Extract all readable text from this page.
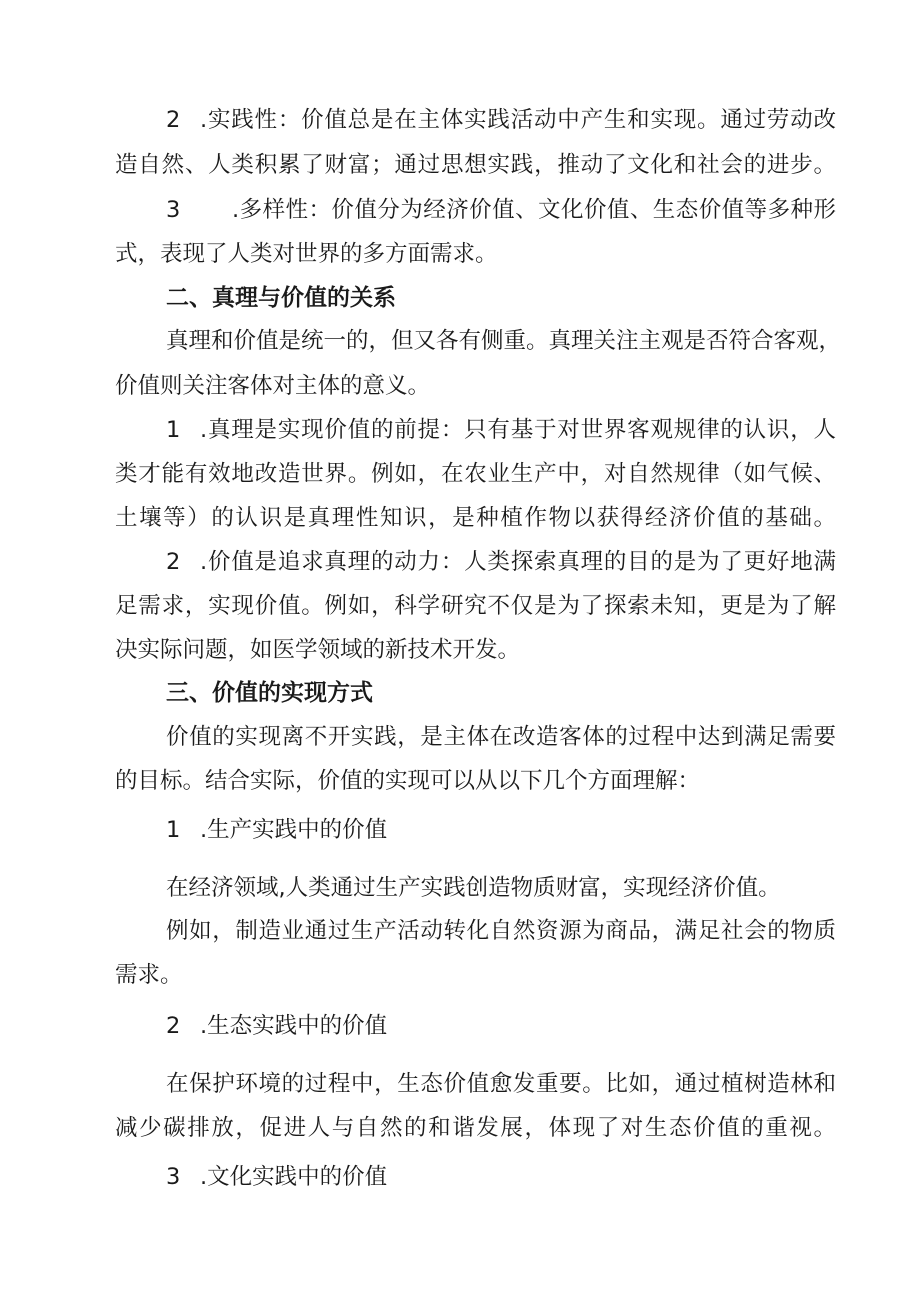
2 .实践性：价值总是在主体实践活动中产生和实现。通过劳动改

造自然、人类积累了财富；通过思想实践，推动了文化和社会的进步。

3 .多样性：价值分为经济价值、文化价值、生态价值等多种形

式，表现了人类对世界的多方面需求。

二、真理与价值的关系

真理和价值是统一的，但又各有侧重。真理关注主观是否符合客观，

价值则关注客体对主体的意义。

1 .真理是实现价值的前提：只有基于对世界客观规律的认识，人

类才能有效地改造世界。例如，在农业生产中，对自然规律（如气候、

土壤等）的认识是真理性知识，是种植作物以获得经济价值的基础。

2 .价值是追求真理的动力：人类探索真理的目的是为了更好地满

足需求，实现价值。例如，科学研究不仅是为了探索未知，更是为了解

决实际问题，如医学领域的新技术开发。

三、价值的实现方式

价值的实现离不开实践，是主体在改造客体的过程中达到满足需要

的目标。结合实际，价值的实现可以从以下几个方面理解：

1 .生产实践中的价值

在经济领域,人类通过生产实践创造物质财富，实现经济价值。

例如，制造业通过生产活动转化自然资源为商品，满足社会的物质

需求。

2 .生态实践中的价值

在保护环境的过程中，生态价值愈发重要。比如，通过植树造林和

减少碳排放，促进人与自然的和谐发展，体现了对生态价值的重视。

3 .文化实践中的价值
